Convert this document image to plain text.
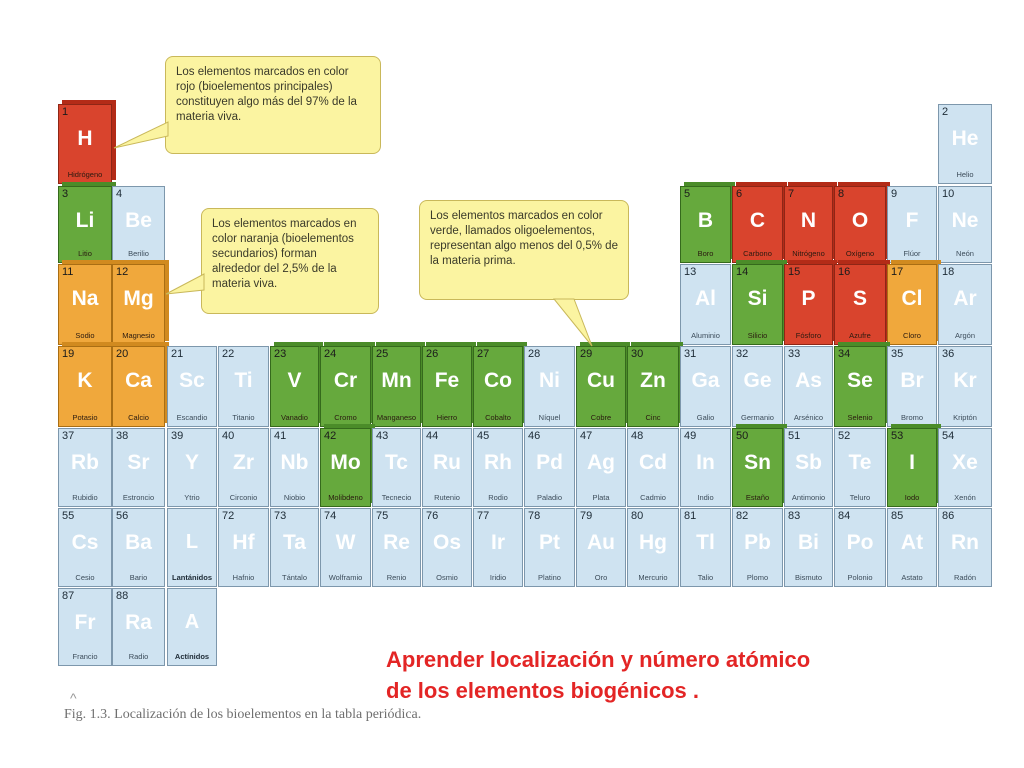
1
H
Hidrógeno
2
He
Helio
3
Li
Litio
4
Be
Berilio
5
B
Boro
6
C
Carbono
7
N
Nitrógeno
8
O
Oxígeno
9
F
Flúor
10
Ne
Neón
11
Na
Sodio
12
Mg
Magnesio
13
Al
Aluminio
14
Si
Silicio
15
P
Fósforo
16
S
Azufre
17
Cl
Cloro
18
Ar
Argón
19
K
Potasio
20
Ca
Calcio
21
Sc
Escandio
22
Ti
Titanio
23
V
Vanadio
24
Cr
Cromo
25
Mn
Manganeso
26
Fe
Hierro
27
Co
Cobalto
28
Ni
Níquel
29
Cu
Cobre
30
Zn
Cinc
31
Ga
Galio
32
Ge
Germanio
33
As
Arsénico
34
Se
Selenio
35
Br
Bromo
36
Kr
Kriptón
37
Rb
Rubidio
38
Sr
Estroncio
39
Y
Ytrio
40
Zr
Circonio
41
Nb
Niobio
42
Mo
Molibdeno
43
Tc
Tecnecio
44
Ru
Rutenio
45
Rh
Rodio
46
Pd
Paladio
47
Ag
Plata
48
Cd
Cadmio
49
In
Indio
50
Sn
Estaño
51
Sb
Antimonio
52
Te
Teluro
53
I
Iodo
54
Xe
Xenón
55
Cs
Cesio
56
Ba
Bario
L
Lantánidos
72
Hf
Hafnio
73
Ta
Tántalo
74
W
Wolframio
75
Re
Renio
76
Os
Osmio
77
Ir
Iridio
78
Pt
Platino
79
Au
Oro
80
Hg
Mercurio
81
Tl
Talio
82
Pb
Plomo
83
Bi
Bismuto
84
Po
Polonio
85
At
Astato
86
Rn
Radón
87
Fr
Francio
88
Ra
Radio
A
Actínidos
Los elementos marcados en color rojo (bioelementos principales) constituyen algo más del 97% de la materia viva.
Los elementos marcados en color naranja (bioelementos secundarios) forman alrededor del 2,5% de la materia viva.
Los elementos marcados en color verde, llamados oligoelementos, representan algo menos del 0,5% de la materia prima.
Aprender localización y número atómico
de los elementos biogénicos .
^
Fig. 1.3. Localización de los bioelementos en la tabla periódica.
